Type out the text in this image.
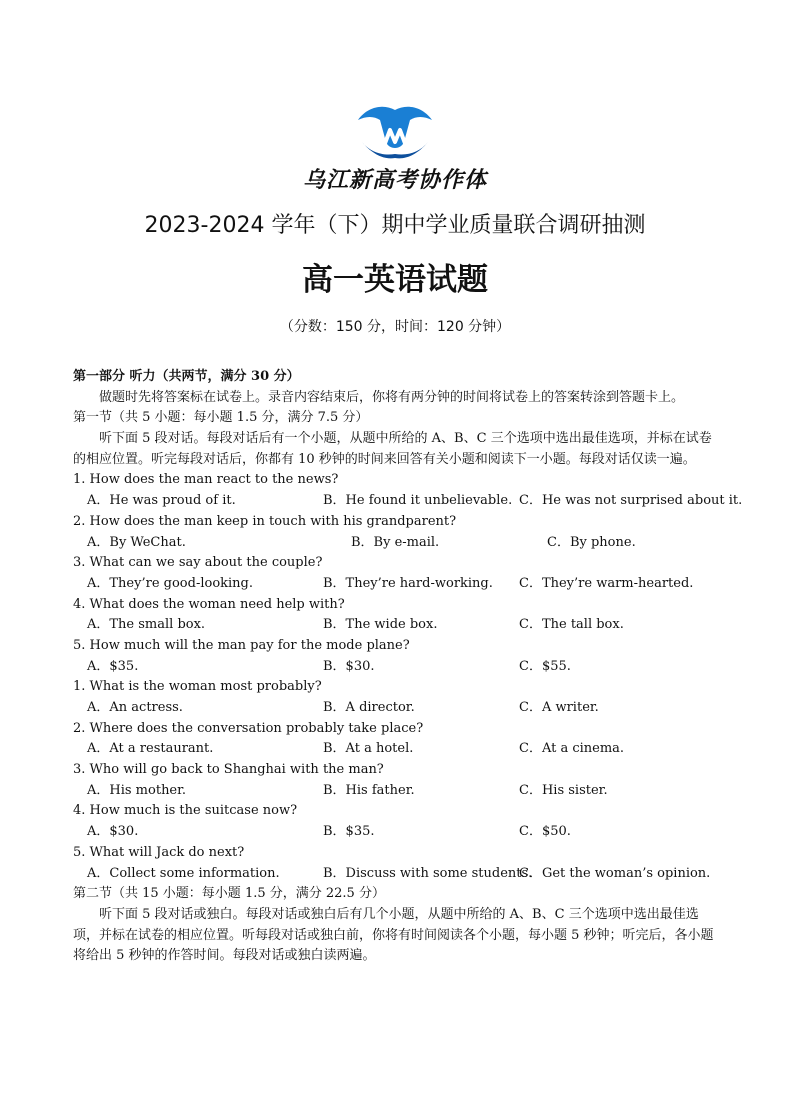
乌江新高考协作体
2023-2024 学年（下）期中学业质量联合调研抽测
高一英语试题
（分数：150 分，时间：120 分钟）
第一部分 听力（共两节，满分 30 分）
做题时先将答案标在试卷上。录音内容结束后，你将有两分钟的时间将试卷上的答案转涂到答题卡上。
第一节（共 5 小题：每小题 1.5 分，满分 7.5 分）
听下面 5 段对话。每段对话后有一个小题，从题中所给的 A、B、C 三个选项中选出最佳选项，并标在试卷的相应位置。听完每段对话后，你都有 10 秒钟的时间来回答有关小题和阅读下一小题。每段对话仅读一遍。
1. How does the man react to the news?
A．He was proud of it.	B．He found it unbelievable. C．He was not surprised about it.
2. How does the man keep in touch with his grandparent?
A．By WeChat.	B．By e-mail.	C．By phone.
3. What can we say about the couple?
A．They’re good-looking.	B．They’re hard-working. C．They’re warm-hearted.
4. What does the woman need help with?
A．The small box.	B．The wide box.	C．The tall box.
5. How much will the man pay for the mode plane?
A．$35.	B．$30.	C．$55.
1. What is the woman most probably?
A．An actress.	B．A director.	C．A writer.
2. Where does the conversation probably take place?
A．At a restaurant.	B．At a hotel.	C．At a cinema.
3. Who will go back to Shanghai with the man?
A．His mother.	B．His father.	C．His sister.
4. How much is the suitcase now?
A．$30.	B．$35.	C．$50.
5. What will Jack do next?
A．Collect some information.	B．Discuss with some students.
C．Get the woman’s opinion.
第二节（共 15 小题：每小题 1.5 分，满分 22.5 分）
听下面 5 段对话或独白。每段对话或独白后有几个小题，从题中所给的 A、B、C 三个选项中选出最佳选项，并标在试卷的相应位置。听每段对话或独白前，你将有时间阅读各个小题，每小题 5 秒钟；听完后，各小题将给出 5 秒钟的作答时间。每段对话或独白读两遍。
